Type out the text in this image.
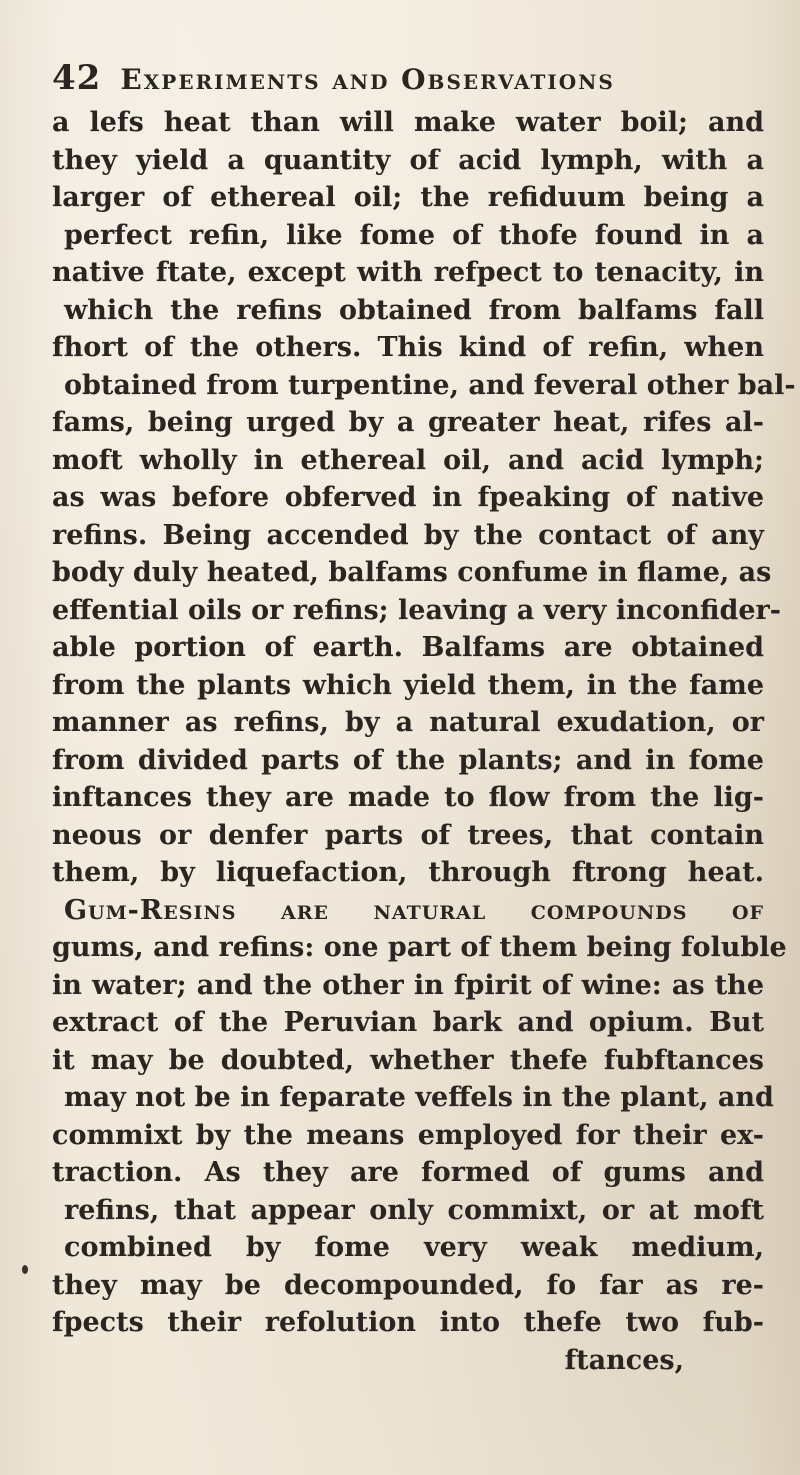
42 Experiments and Observations
a lefs heat than will make water boil; and
they yield a quantity of acid lymph, with a
larger of ethereal oil; the refiduum being a
perfect refin, like fome of thofe found in a
native ftate, except with refpect to tenacity, in
which the refins obtained from balfams fall
fhort of the others. This kind of refin, when
obtained from turpentine, and feveral other bal-
fams, being urged by a greater heat, rifes al-
moft wholly in ethereal oil, and acid lymph;
as was before obferved in fpeaking of native
refins. Being accended by the contact of any
body duly heated, balfams confume in flame, as
effential oils or refins; leaving a very inconfider-
able portion of earth. Balfams are obtained
from the plants which yield them, in the fame
manner as refins, by a natural exudation, or
from divided parts of the plants; and in fome
inftances they are made to flow from the lig-
neous or denfer parts of trees, that contain
them, by liquefaction, through ftrong heat.
Gum-Resins are natural compounds of
gums, and refins: one part of them being foluble
in water; and the other in fpirit of wine: as the
extract of the Peruvian bark and opium. But
it may be doubted, whether thefe fubftances
may not be in feparate veffels in the plant, and
commixt by the means employed for their ex-
traction. As they are formed of gums and
refins, that appear only commixt, or at moft
combined by fome very weak medium,
they may be decompounded, fo far as re-
fpects their refolution into thefe two fub-
ftances,
